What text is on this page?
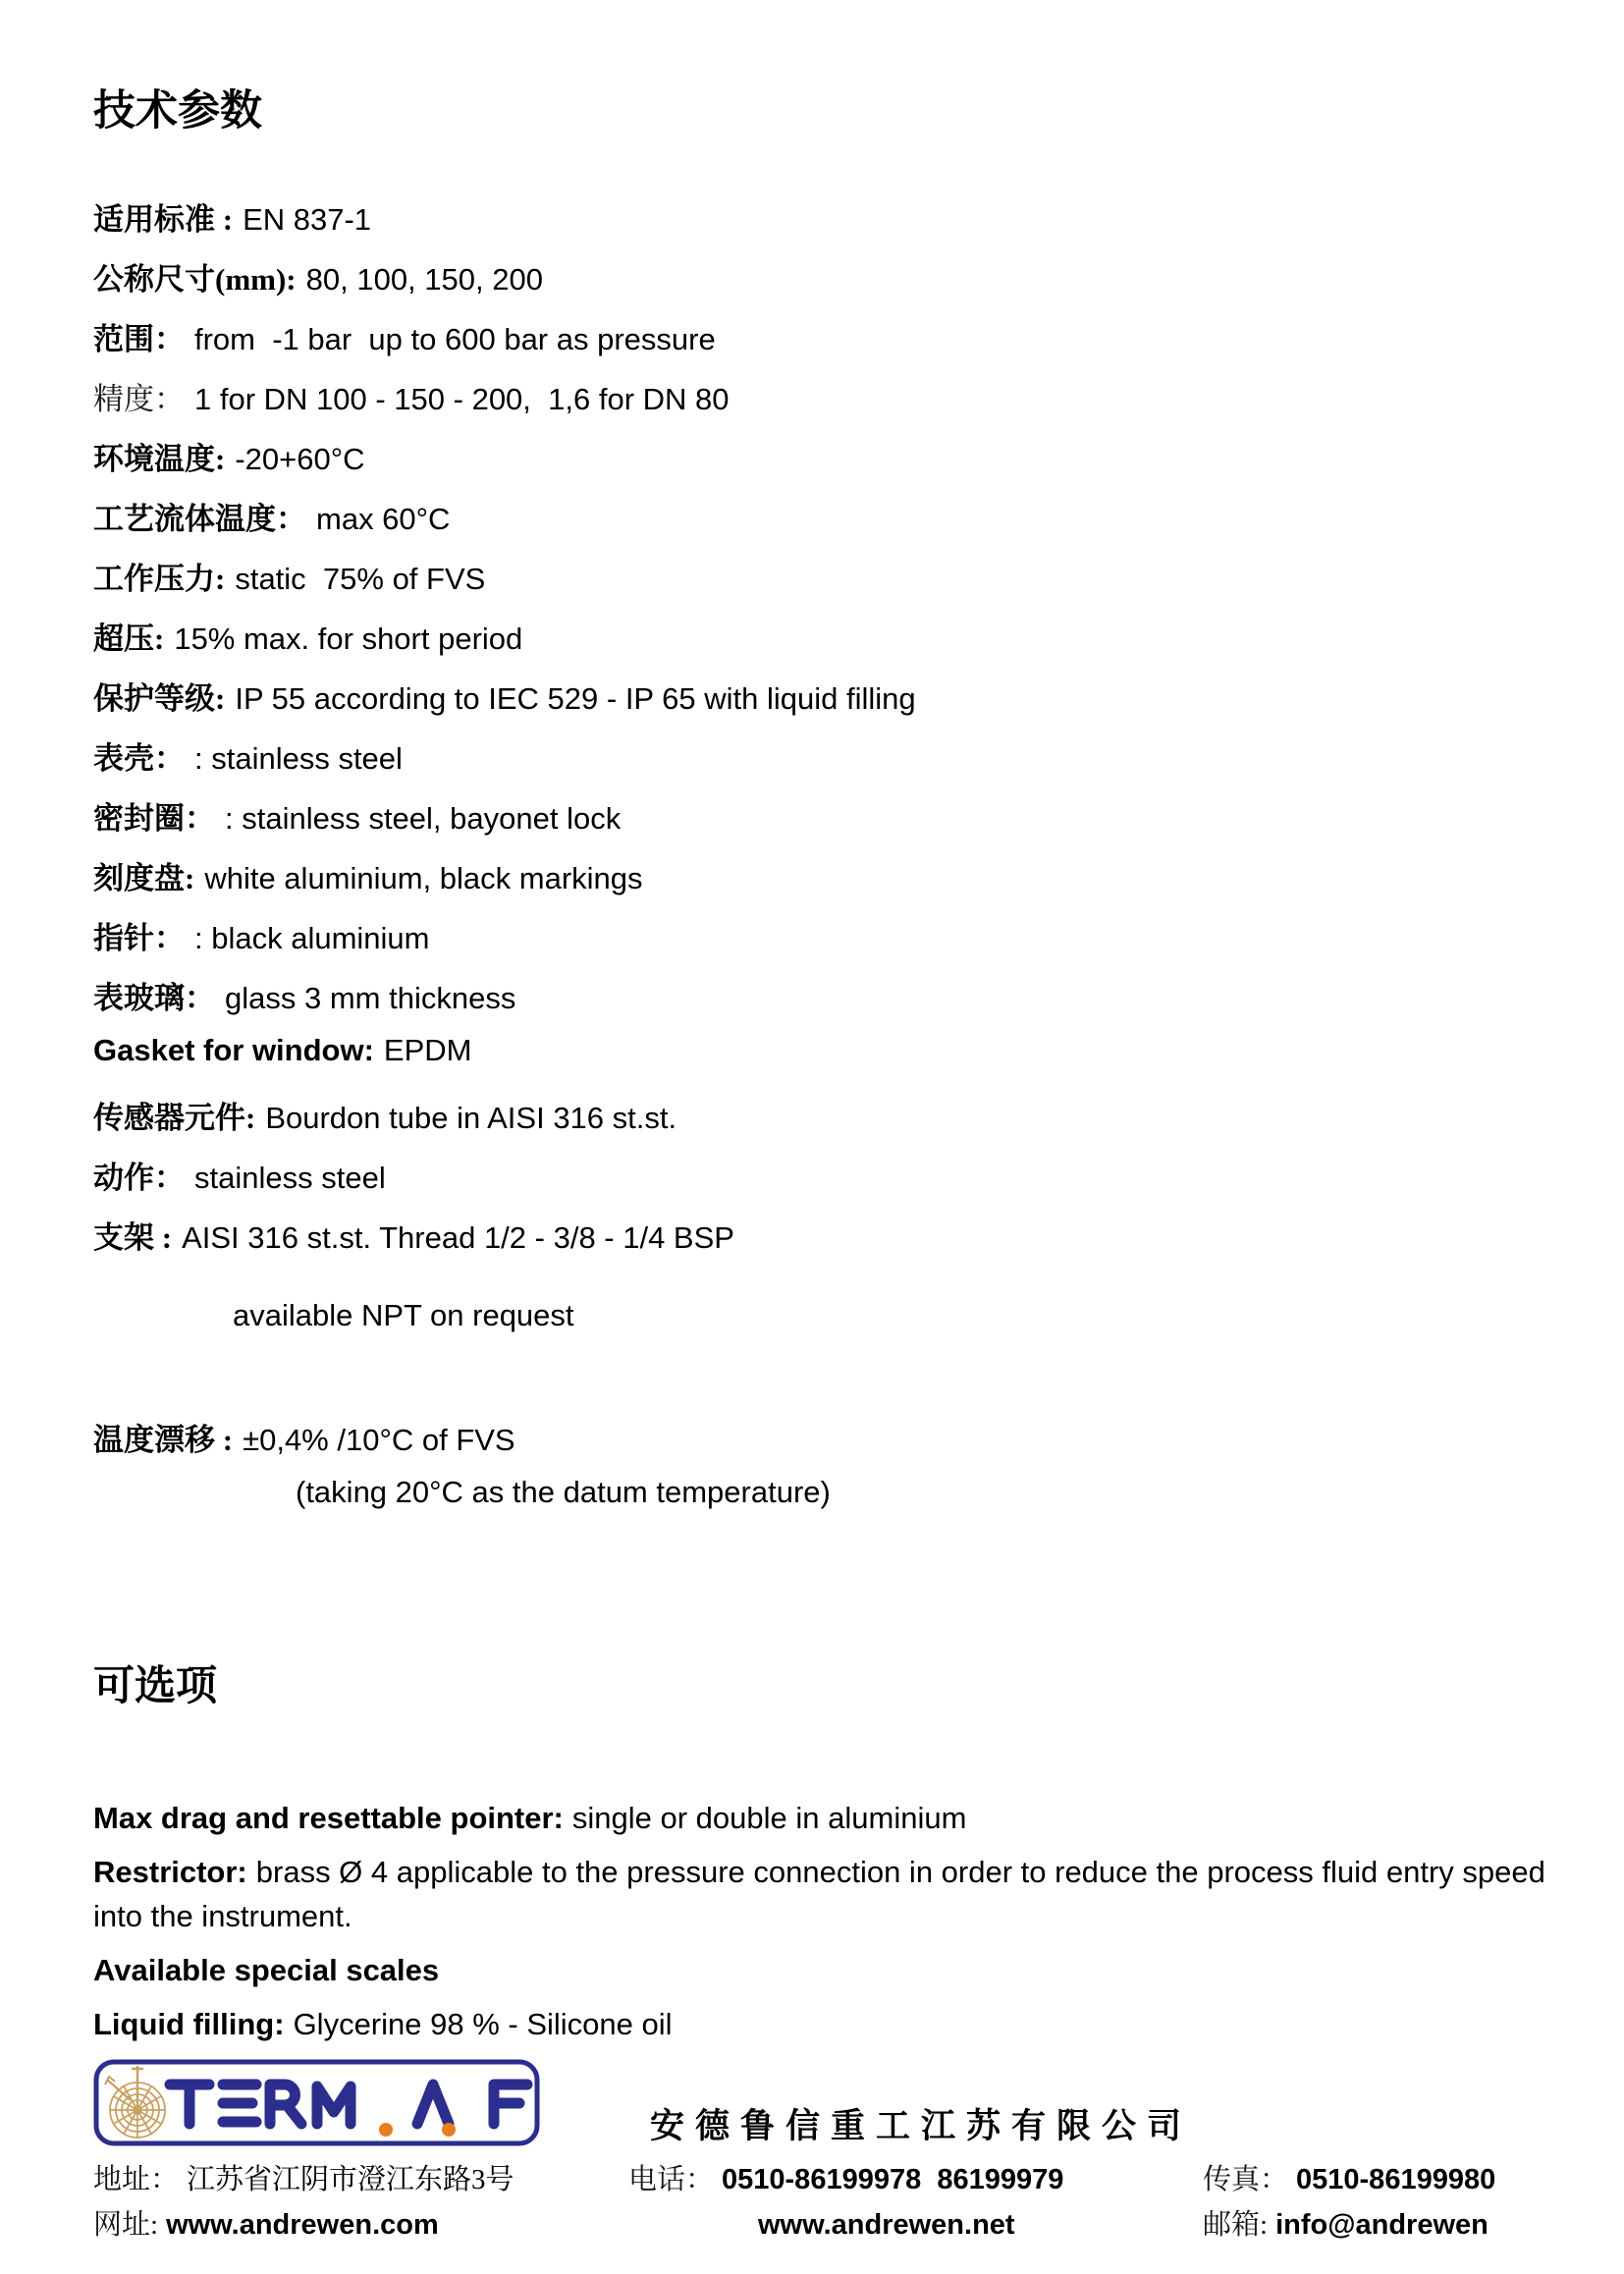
技术参数
适用标准 : EN 837-1
公称尺寸(mm): 80, 100, 150, 200
范围： from  -1 bar  up to 600 bar as pressure
精度： 1 for DN 100 - 150 - 200,  1,6 for DN 80
环境温度: -20+60°C
工艺流体温度： max 60°C
工作压力: static  75% of FVS
超压: 15% max. for short period
保护等级: IP 55 according to IEC 529 - IP 65 with liquid filling
表壳： : stainless steel
密封圈： : stainless steel, bayonet lock
刻度盘: white aluminium, black markings
指针： : black aluminium
表玻璃： glass 3 mm thickness
Gasket for window: EPDM
传感器元件: Bourdon tube in AISI 316 st.st.
动作： stainless steel
支架 : AISI 316 st.st. Thread 1/2 - 3/8 - 1/4 BSP
available NPT on request
温度漂移 : ±0,4% /10°C of FVS
(taking 20°C as the datum temperature)
可选项

Max drag and resettable pointer: single or double in aluminium

Restrictor: brass Ø 4 applicable to the pressure connection in order to reduce the process fluid entry speed into the instrument.

Available special scales

Liquid filling: Glycerine 98 % - Silicone oil

安德鲁信重工江苏有限公司
地址： 江苏省江阴市澄江东路3号	电话： 0510-86199978  86199979	传真： 0510-86199980
网址: www.andrewen.com	www.andrewen.net	邮箱: info@andrewen
